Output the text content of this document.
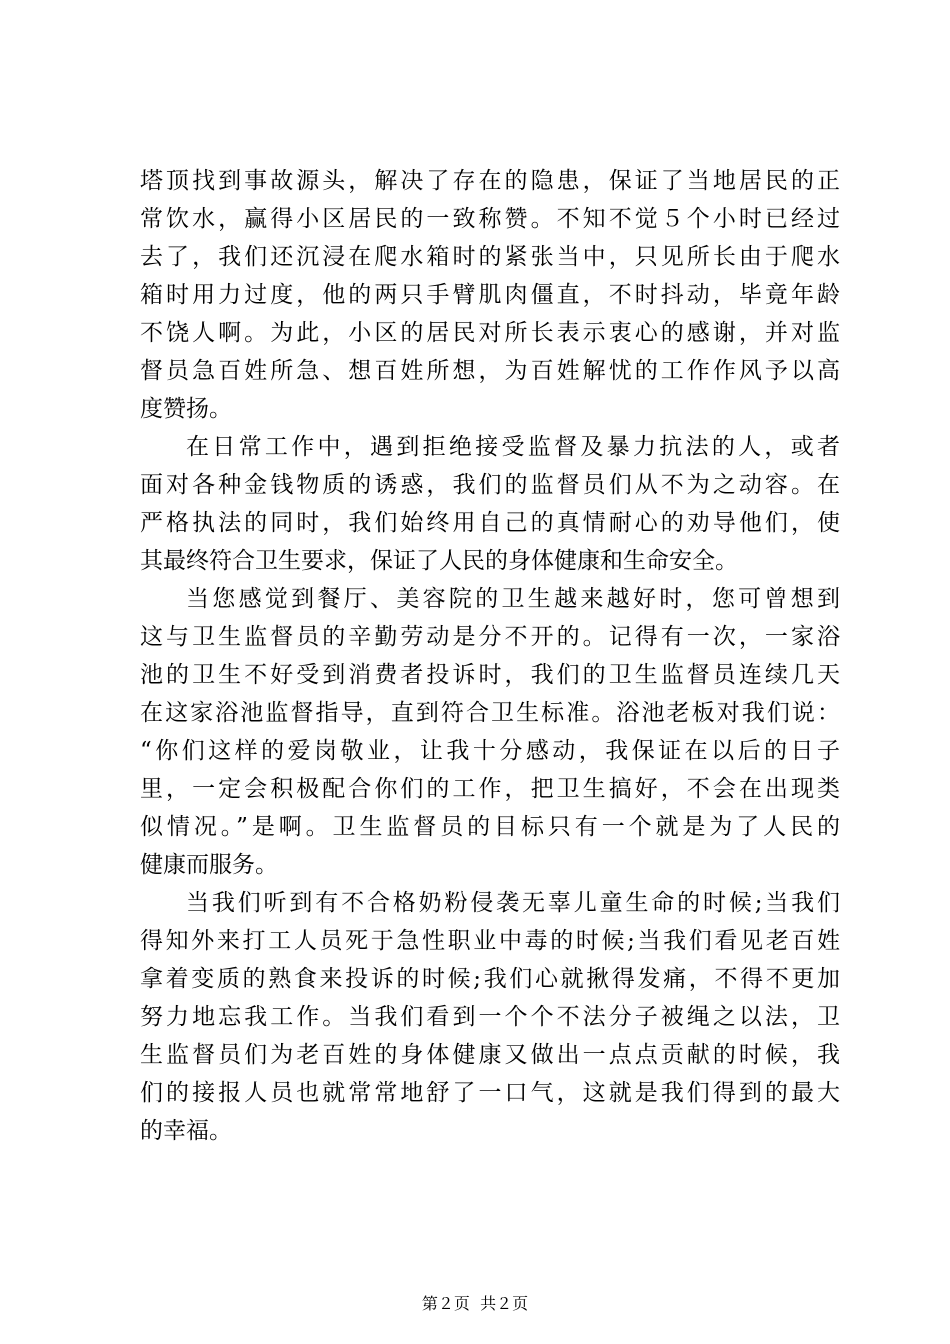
塔顶找到事故源头，解决了存在的隐患，保证了当地居民的正
常饮水，赢得小区居民的一致称赞。不知不觉５个小时已经过
去了，我们还沉浸在爬水箱时的紧张当中，只见所长由于爬水
箱时用力过度，他的两只手臂肌肉僵直，不时抖动，毕竟年龄
不饶人啊。为此，小区的居民对所长表示衷心的感谢，并对监
督员急百姓所急、想百姓所想，为百姓解忧的工作作风予以高
度赞扬。
在日常工作中，遇到拒绝接受监督及暴力抗法的人，或者
面对各种金钱物质的诱惑，我们的监督员们从不为之动容。在
严格执法的同时，我们始终用自己的真情耐心的劝导他们，使
其最终符合卫生要求，保证了人民的身体健康和生命安全。
当您感觉到餐厅、美容院的卫生越来越好时，您可曾想到
这与卫生监督员的辛勤劳动是分不开的。记得有一次，一家浴
池的卫生不好受到消费者投诉时，我们的卫生监督员连续几天
在这家浴池监督指导，直到符合卫生标准。浴池老板对我们说：
“你们这样的爱岗敬业，让我十分感动，我保证在以后的日子
里，一定会积极配合你们的工作，把卫生搞好，不会在出现类
似情况。”是啊。卫生监督员的目标只有一个就是为了人民的
健康而服务。
当我们听到有不合格奶粉侵袭无辜儿童生命的时候;当我们
得知外来打工人员死于急性职业中毒的时候;当我们看见老百姓
拿着变质的熟食来投诉的时候;我们心就揪得发痛，不得不更加
努力地忘我工作。当我们看到一个个不法分子被绳之以法，卫
生监督员们为老百姓的身体健康又做出一点点贡献的时候，我
们的接报人员也就常常地舒了一口气，这就是我们得到的最大
的幸福。
第２页  共２页
